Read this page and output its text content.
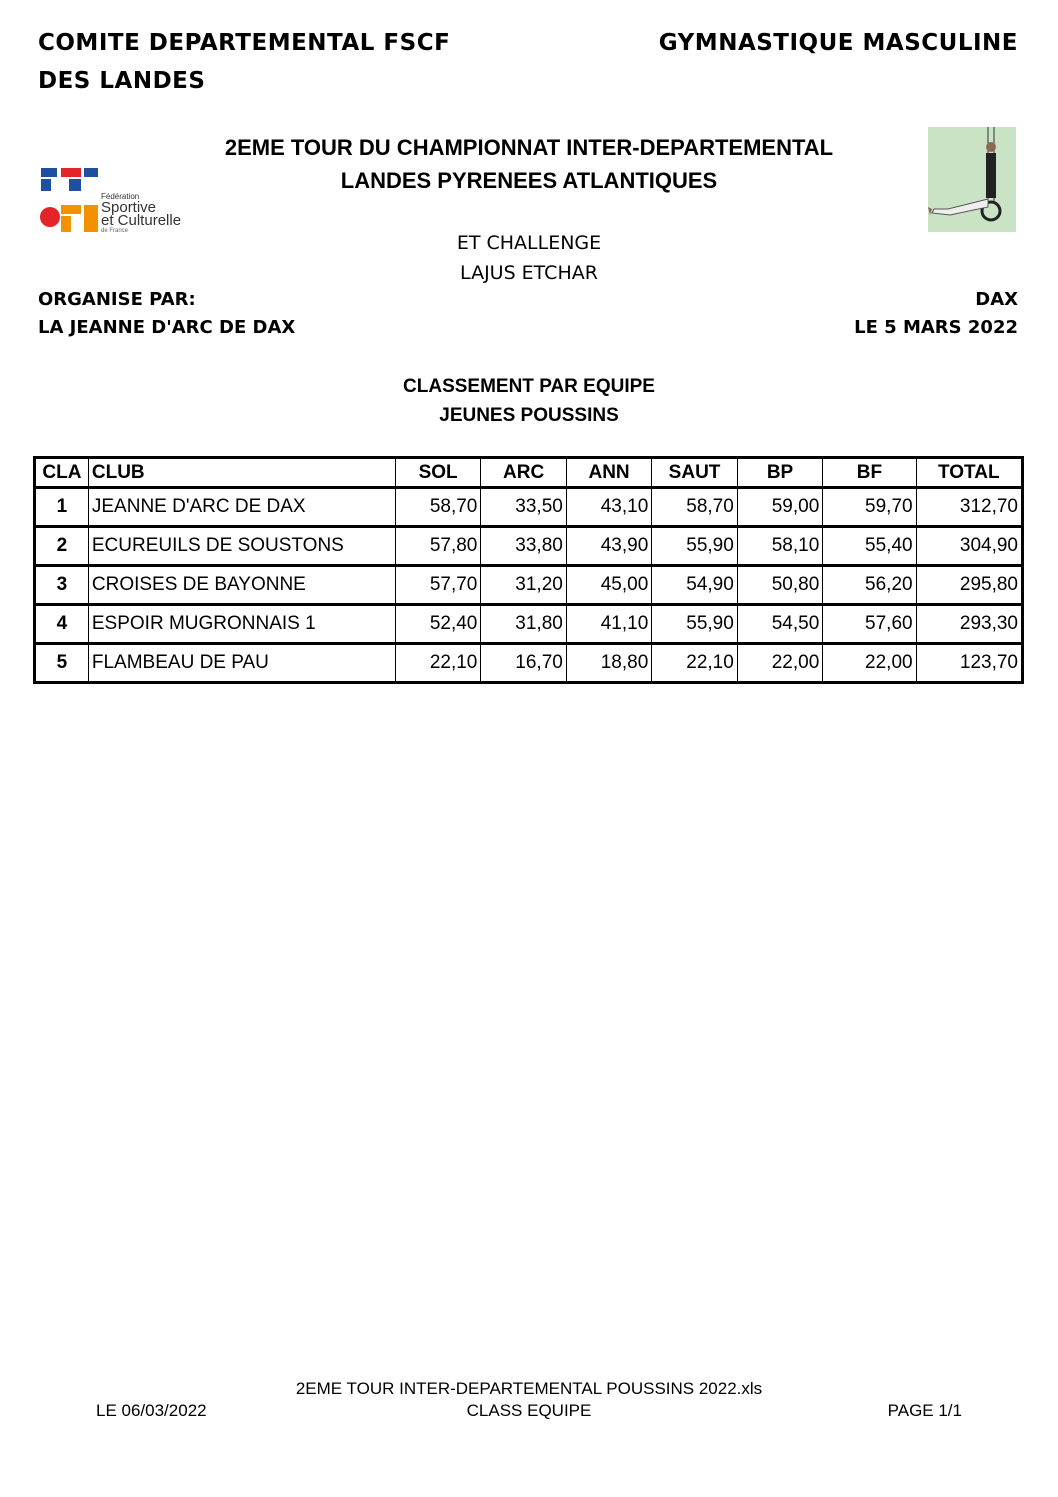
COMITE DEPARTEMENTAL FSCF
DES LANDES
GYMNASTIQUE MASCULINE
Fédération
Sportive
et Culturelle
de France
2EME TOUR DU CHAMPIONNAT INTER-DEPARTEMENTAL
LANDES PYRENEES ATLANTIQUES
ET CHALLENGE
LAJUS ETCHAR
ORGANISE PAR:
LA JEANNE D'ARC DE DAX
DAX
LE 5 MARS 2022
CLASSEMENT PAR EQUIPE
JEUNES POUSSINS
CLA	CLUB	SOL	ARC	ANN	SAUT	BP	BF	TOTAL
1	JEANNE D'ARC DE DAX	58,70	33,50	43,10	58,70	59,00	59,70	312,70
2	ECUREUILS DE SOUSTONS	57,80	33,80	43,90	55,90	58,10	55,40	304,90
3	CROISES DE BAYONNE	57,70	31,20	45,00	54,90	50,80	56,20	295,80
4	ESPOIR MUGRONNAIS 1	52,40	31,80	41,10	55,90	54,50	57,60	293,30
5	FLAMBEAU DE PAU	22,10	16,70	18,80	22,10	22,00	22,00	123,70
2EME TOUR INTER-DEPARTEMENTAL POUSSINS 2022.xls
CLASS EQUIPE
LE 06/03/2022	PAGE 1/1
